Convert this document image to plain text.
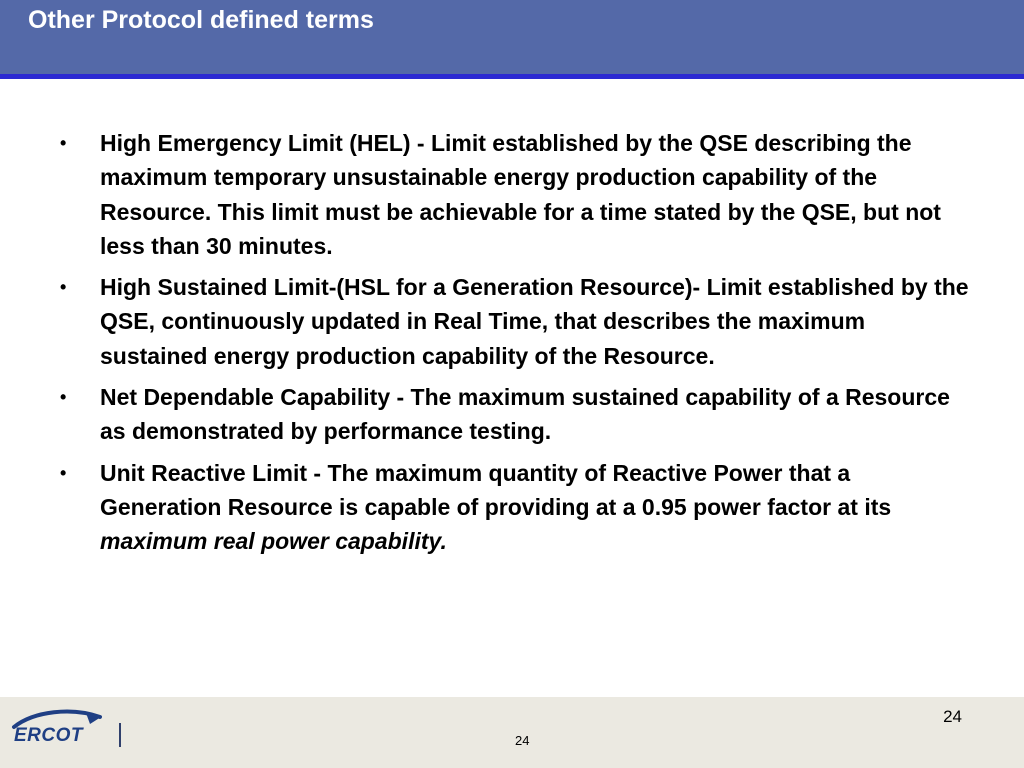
Other Protocol defined terms
• High Emergency Limit (HEL) - Limit established by the QSE describing the maximum temporary unsustainable energy production capability of the Resource. This limit must be achievable for a time stated by the QSE, but not less than 30 minutes.
• High Sustained Limit-(HSL for a Generation Resource)- Limit established by the QSE, continuously updated in Real Time, that describes the maximum sustained energy production capability of the Resource.
• Net Dependable Capability - The maximum sustained capability of a Resource as demonstrated by performance testing.
• Unit Reactive Limit - The maximum quantity of Reactive Power that a Generation Resource is capable of providing at a 0.95 power factor at its maximum real power capability.
ERCOT
24
24
